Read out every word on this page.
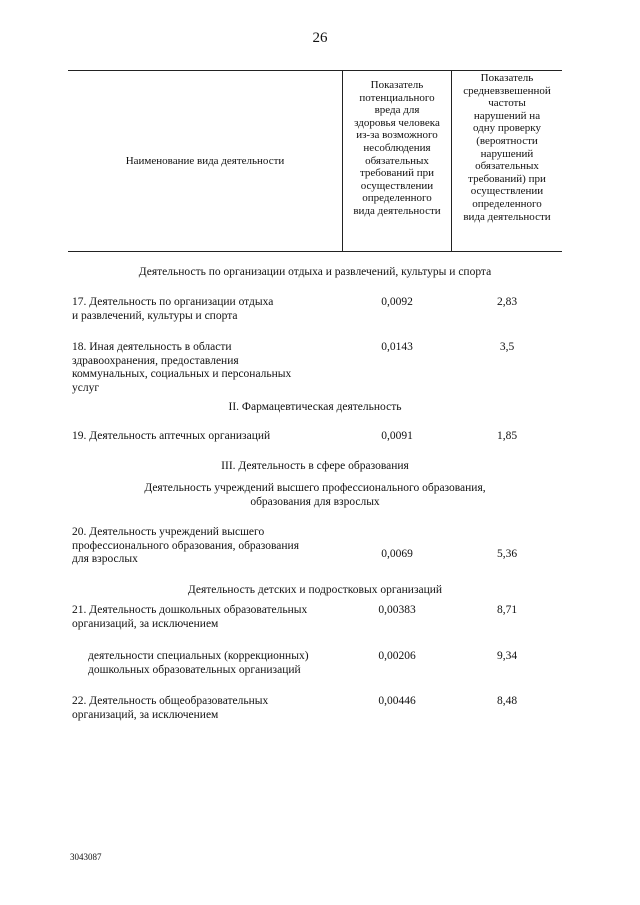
26
Наименование вида деятельности
Показатель
потенциального
вреда для
здоровья человека
из-за возможного
несоблюдения
обязательных
требований при
осуществлении
определенного
вида деятельности
Показатель
средневзвешенной
частоты
нарушений на
одну проверку
(вероятности
нарушений
обязательных
требований) при
осуществлении
определенного
вида деятельности
Деятельность по организации отдыха и развлечений, культуры и спорта
17. Деятельность по организации отдыха
и развлечений, культуры и спорта
0,0092	2,83
18. Иная деятельность в области
здравоохранения, предоставления
коммунальных, социальных и персональных
услуг
0,0143	3,5
II. Фармацевтическая деятельность
19. Деятельность аптечных организаций	0,0091	1,85
III. Деятельность в сфере образования
Деятельность учреждений высшего профессионального образования,
образования для взрослых
20. Деятельность учреждений высшего
профессионального образования, образования
для взрослых	0,0069	5,36
Деятельность детских и подростковых организаций
21. Деятельность дошкольных образовательных
организаций, за исключением
0,00383	8,71
деятельности специальных (коррекционных)
дошкольных образовательных организаций
0,00206	9,34
22. Деятельность общеобразовательных
организаций, за исключением
0,00446	8,48
3043087
